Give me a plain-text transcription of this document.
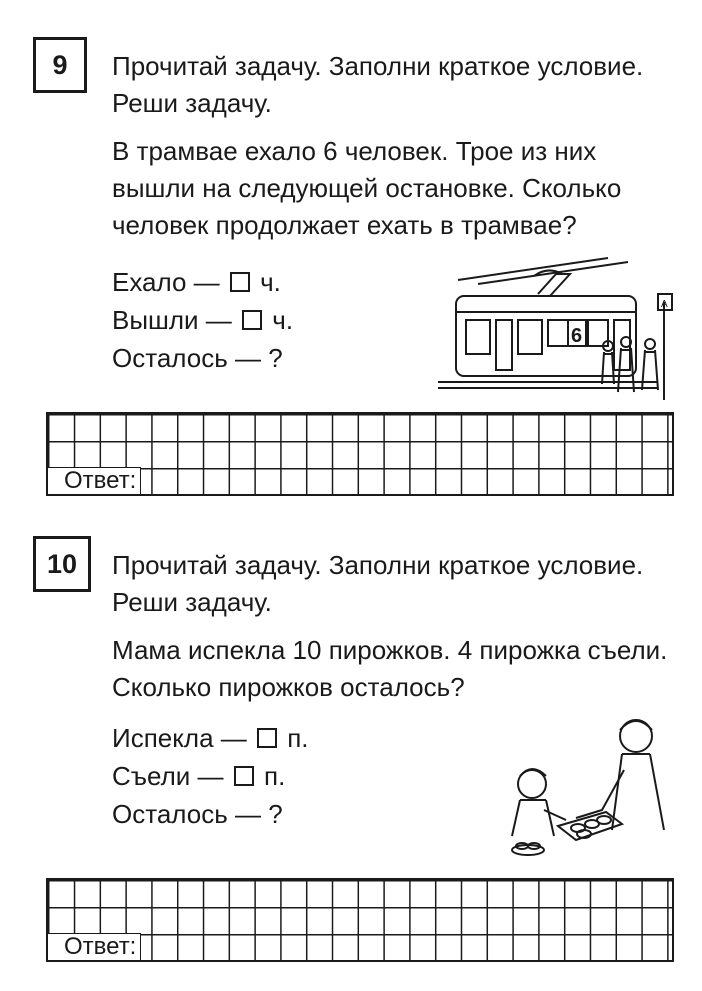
9	Прочитай задачу. Заполни краткое условие. Реши задачу.

В трамвае ехало 6 человек. Трое из них вышли на следующей остановке. Сколько человек продолжает ехать в трамвае?

Ехало — ч.
Вышли — ч.
Осталось — ?
6
А
Ответ:
10	Прочитай задачу. Заполни краткое условие. Реши задачу.

Мама испекла 10 пирожков. 4 пирожка съели. Сколько пирожков осталось?

Испекла — п.
Съели — п.
Осталось — ?
Ответ:
